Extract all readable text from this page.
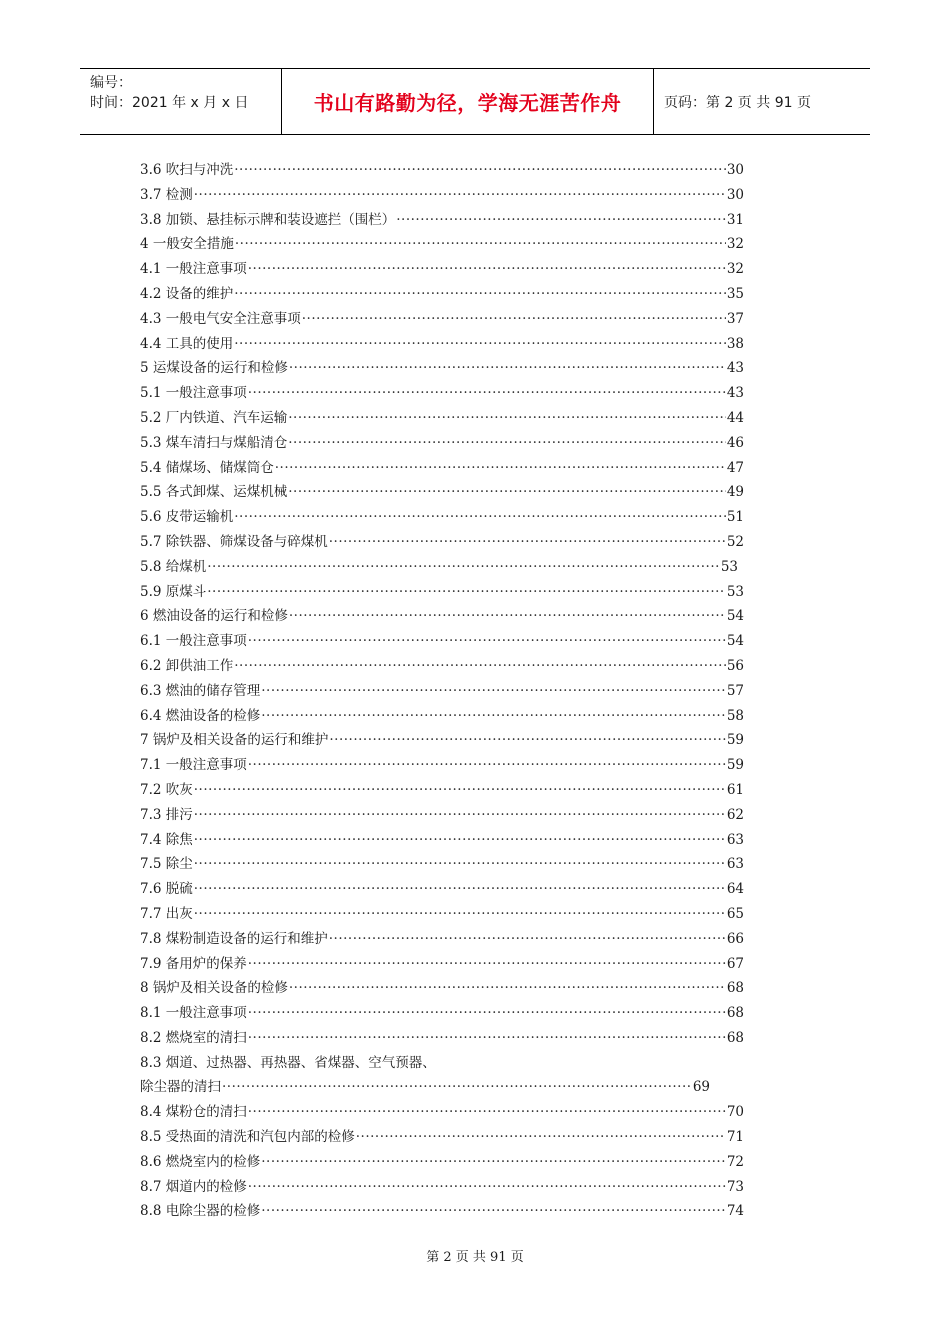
编号：
时间：2021 年 x 月 x 日	书山有路勤为径，学海无涯苦作舟	页码：第 2 页 共 91 页
3.6 吹扫与冲洗 ·····	30
3.7 检测 ·····	30
3.8 加锁、悬挂标示牌和装设遮拦（围栏） ·····	31
4 一般安全措施 ·····	32
4.1 一般注意事项 ·····	32
4.2 设备的维护 ·····	35
4.3 一般电气安全注意事项 ·····	37
4.4 工具的使用 ·····	38
5 运煤设备的运行和检修 ·····	43
5.1 一般注意事项 ·····	43
5.2 厂内铁道、汽车运输 ·····	44
5.3 煤车清扫与煤船清仓 ·····	46
5.4 储煤场、储煤筒仓 ·····	47
5.5 各式卸煤、运煤机械 ·····	49
5.6 皮带运输机 ·····	51
5.7 除铁器、筛煤设备与碎煤机 ·····	52
5.8 给煤机 ·····	53
5.9 原煤斗 ·····	53
6 燃油设备的运行和检修 ·····	54
6.1 一般注意事项 ·····	54
6.2 卸供油工作 ·····	56
6.3 燃油的储存管理 ·····	57
6.4 燃油设备的检修 ·····	58
7 锅炉及相关设备的运行和维护 ·····	59
7.1 一般注意事项 ·····	59
7.2 吹灰 ·····	61
7.3 排污 ·····	62
7.4 除焦 ·····	63
7.5 除尘 ·····	63
7.6 脱硫 ·····	64
7.7 出灰 ·····	65
7.8 煤粉制造设备的运行和维护 ·····	66
7.9 备用炉的保养 ·····	67
8 锅炉及相关设备的检修 ·····	68
8.1 一般注意事项 ·····	68
8.2 燃烧室的清扫 ·····	68
8.3 烟道、过热器、再热器、省煤器、空气预器、
除尘器的清扫 ·····	69
8.4 煤粉仓的清扫 ·····	70
8.5 受热面的清洗和汽包内部的检修 ·····	71
8.6 燃烧室内的检修 ·····	72
8.7 烟道内的检修 ·····	73
8.8 电除尘器的检修 ·····	74
第 2 页 共 91 页
